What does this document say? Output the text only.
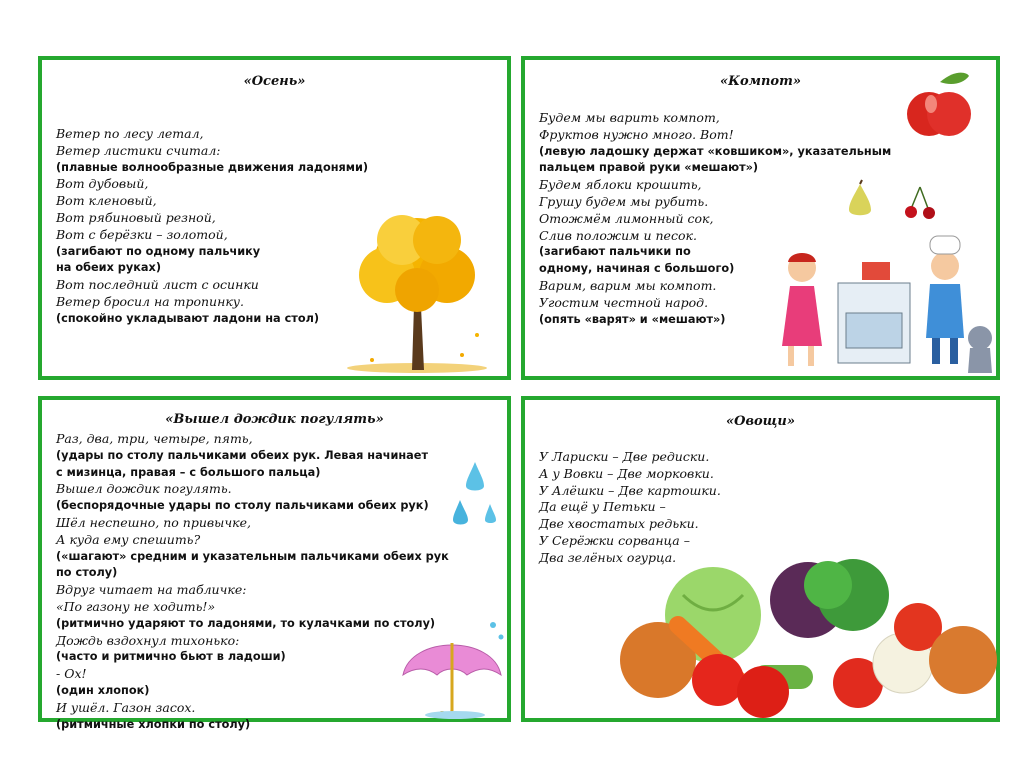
«Осень»
Ветер по лесу летал,
Ветер листики считал:
(плавные волнообразные движения ладонями)
Вот дубовый,
Вот кленовый,
Вот рябиновый резной,
Вот с берёзки – золотой,
(загибают по одному пальчику
на обеих руках)
Вот последний лист с осинки
Ветер бросил на тропинку.
(спокойно укладывают ладони на стол)
«Компот»
Будем мы варить компот,
Фруктов нужно много. Вот!
(левую ладошку держат «ковшиком», указательным
пальцем правой руки «мешают»)
Будем яблоки крошить,
Грушу будем мы рубить.
Отожмём лимонный сок,
Слив положим и песок.
(загибают пальчики по
одному, начиная с большого)
Варим, варим мы компот.
Угостим честной народ.
(опять «варят» и «мешают»)
«Вышел дождик погулять»
Раз, два, три, четыре, пять,
(удары по столу пальчиками обеих рук. Левая начинает
с мизинца, правая – с большого пальца)
Вышел дождик погулять.
(беспорядочные удары по столу пальчиками обеих рук)
Шёл неспешно, по привычке,
А куда ему спешить?
(«шагают» средним и указательным пальчиками обеих рук
по столу)
Вдруг читает на табличке:
«По газону не ходить!»
(ритмично ударяют то ладонями, то кулачками по столу)
Дождь вздохнул тихонько:
(часто и ритмично бьют в ладоши)
- Ох!
(один хлопок)
И ушёл. Газон засох.
(ритмичные хлопки по столу)
«Овощи»
У Лариски – Две редиски.
А у Вовки – Две морковки.
У Алёшки – Две картошки.
Да ещё у Петьки –
Две хвостатых редьки.
У Серёжки сорванца –
Два зелёных огурца.
